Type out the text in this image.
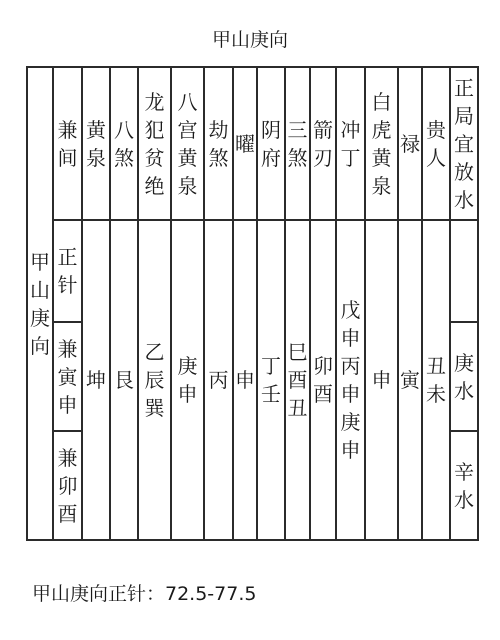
甲山庚向
甲山庚向	兼间	黄泉	八煞	龙犯贫绝	八宫黄泉	劫煞	曜	阴府	三煞	箭刃	冲丁	白虎黄泉	禄	贵人	正局宜放水
	正针	坤	艮	乙辰巽	庚申	丙	申	丁壬	巳酉丑	卯酉	戊申丙申庚申	申	寅	丑未	
	兼寅申														庚水
	兼卯酉														辛水
甲山庚向正针：72.5-77.5
